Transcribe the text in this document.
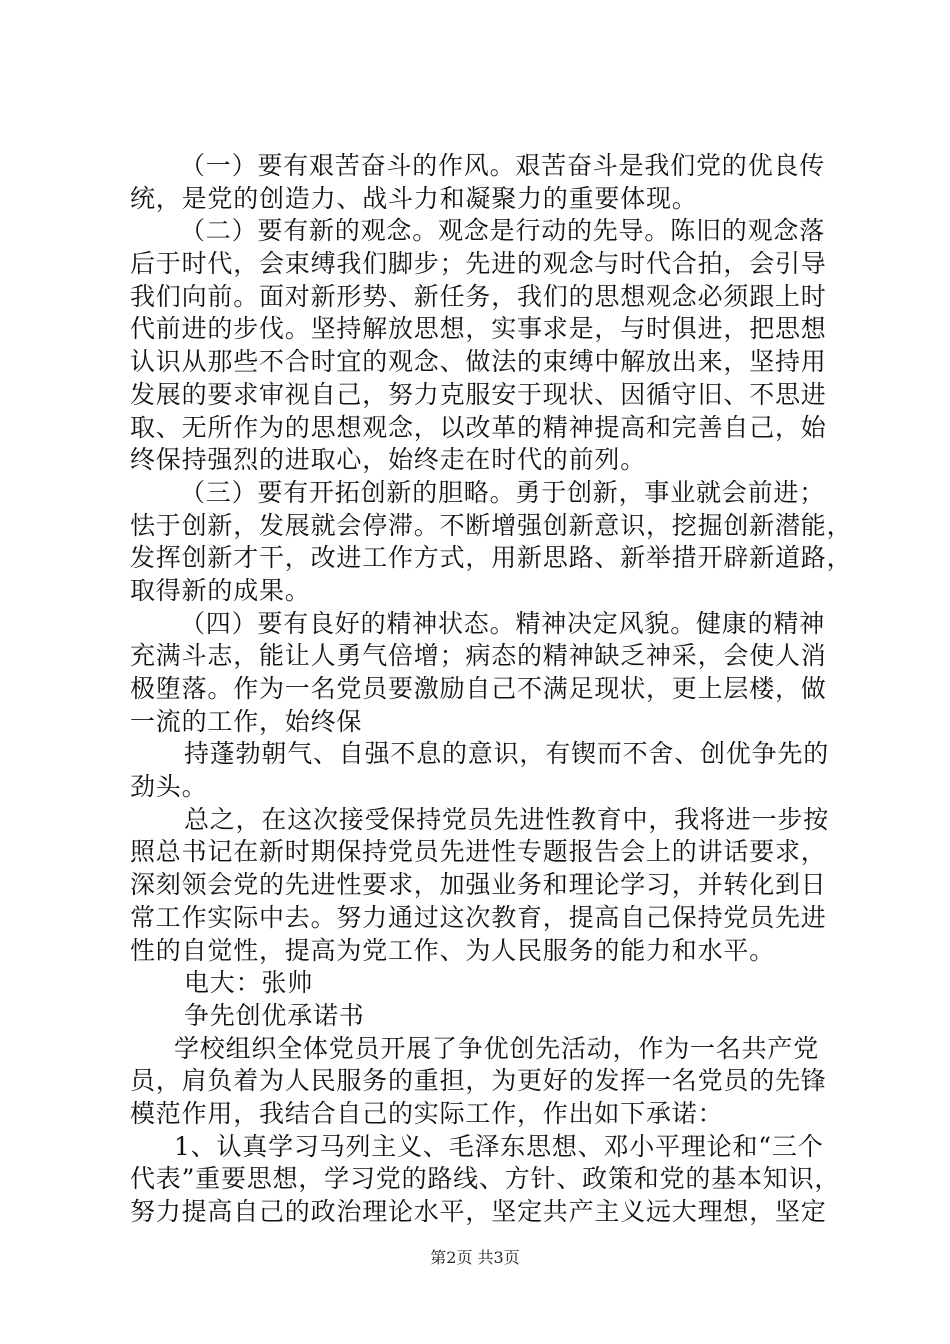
（一）要有艰苦奋斗的作风。艰苦奋斗是我们党的优良传
统，是党的创造力、战斗力和凝聚力的重要体现。
（二）要有新的观念。观念是行动的先导。陈旧的观念落
后于时代，会束缚我们脚步；先进的观念与时代合拍，会引导
我们向前。面对新形势、新任务，我们的思想观念必须跟上时
代前进的步伐。坚持解放思想，实事求是，与时俱进，把思想
认识从那些不合时宜的观念、做法的束缚中解放出来，坚持用
发展的要求审视自己，努力克服安于现状、因循守旧、不思进
取、无所作为的思想观念，以改革的精神提高和完善自己，始
终保持强烈的进取心，始终走在时代的前列。
（三）要有开拓创新的胆略。勇于创新，事业就会前进；
怯于创新，发展就会停滞。不断增强创新意识，挖掘创新潜能，
发挥创新才干，改进工作方式，用新思路、新举措开辟新道路，
取得新的成果。
（四）要有良好的精神状态。精神决定风貌。健康的精神
充满斗志，能让人勇气倍增；病态的精神缺乏神采，会使人消
极堕落。作为一名党员要激励自己不满足现状，更上层楼，做
一流的工作，始终保
持蓬勃朝气、自强不息的意识，有锲而不舍、创优争先的
劲头。
总之，在这次接受保持党员先进性教育中，我将进一步按
照总书记在新时期保持党员先进性专题报告会上的讲话要求，
深刻领会党的先进性要求，加强业务和理论学习，并转化到日
常工作实际中去。努力通过这次教育，提高自己保持党员先进
性的自觉性，提高为党工作、为人民服务的能力和水平。
电大：张帅
争先创优承诺书
学校组织全体党员开展了争优创先活动，作为一名共产党
员，肩负着为人民服务的重担，为更好的发挥一名党员的先锋
模范作用，我结合自己的实际工作，作出如下承诺：
1、认真学习马列主义、毛泽东思想、邓小平理论和“三个
代表”重要思想，学习党的路线、方针、政策和党的基本知识，
努力提高自己的政治理论水平，坚定共产主义远大理想，坚定
第2页 共3页
